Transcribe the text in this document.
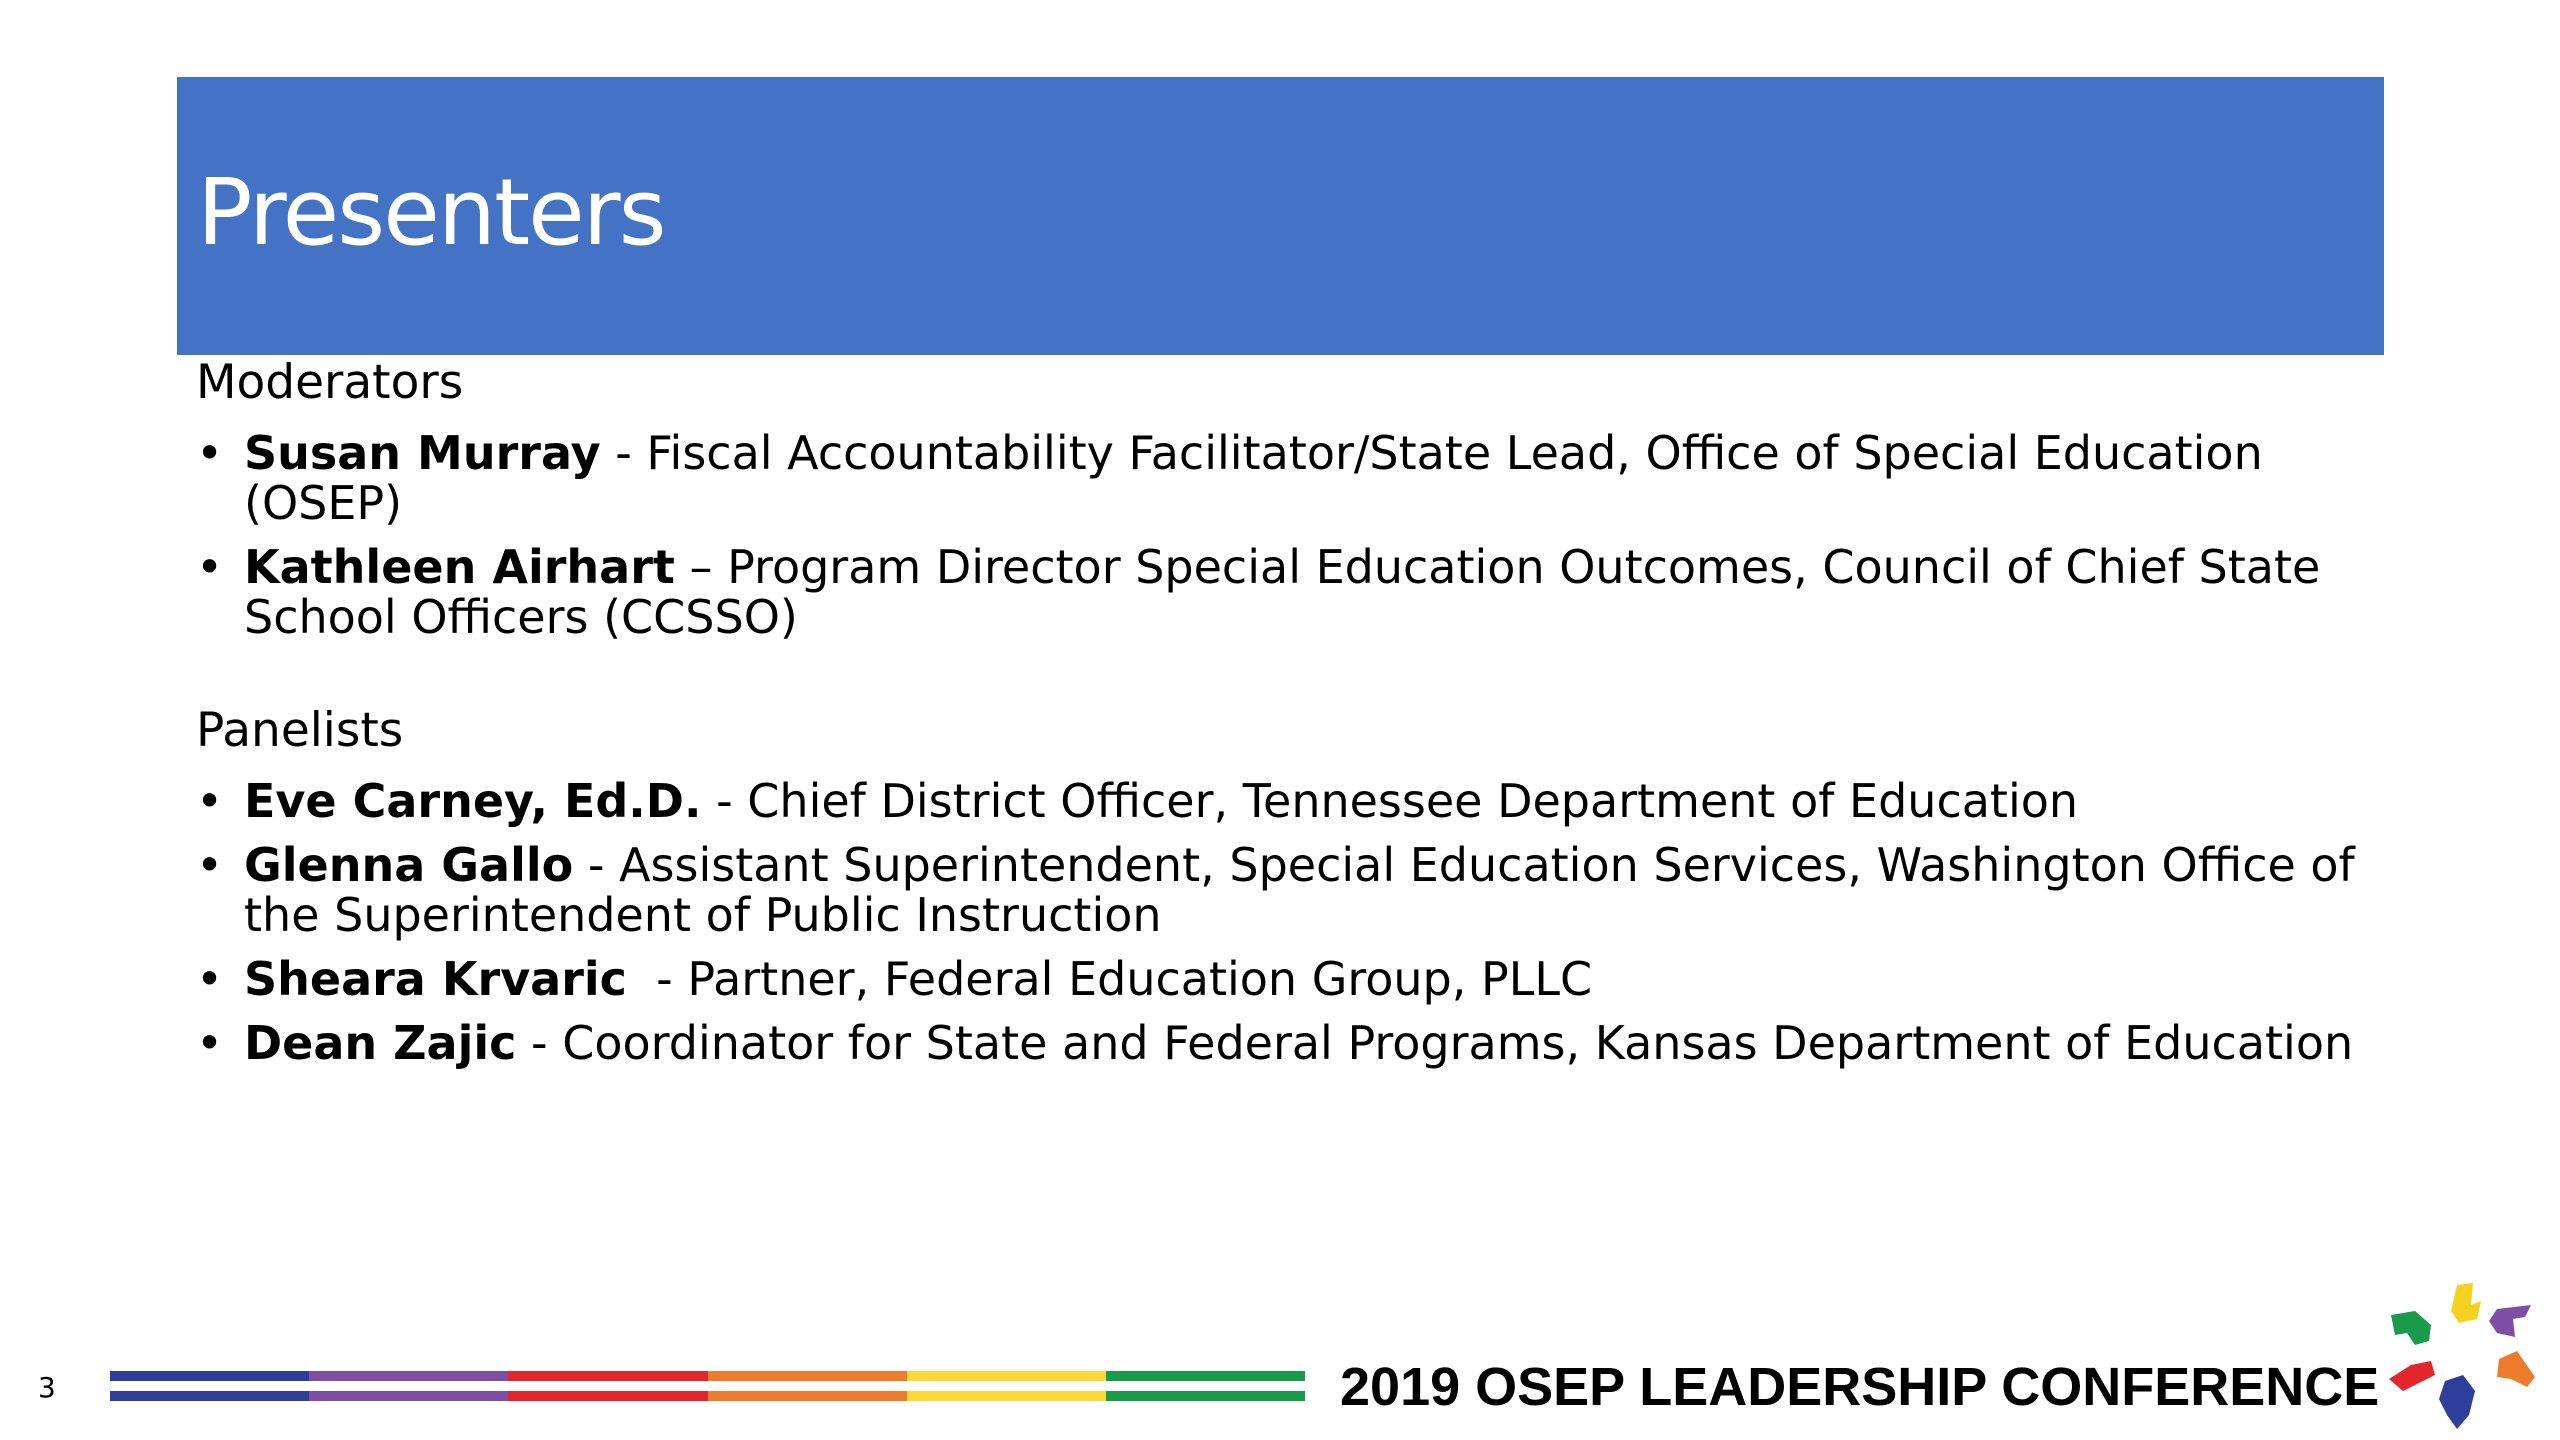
Presenters

Moderators

• Susan Murray - Fiscal Accountability Facilitator/State Lead, Office of Special Education (OSEP)
• Kathleen Airhart – Program Director Special Education Outcomes, Council of Chief State School Officers (CCSSO)

Panelists

• Eve Carney, Ed.D. - Chief District Officer, Tennessee Department of Education
• Glenna Gallo - Assistant Superintendent, Special Education Services, Washington Office of the Superintendent of Public Instruction
• Sheara Krvaric  - Partner, Federal Education Group, PLLC
• Dean Zajic - Coordinator for State and Federal Programs, Kansas Department of Education
3	2019 OSEP LEADERSHIP CONFERENCE
